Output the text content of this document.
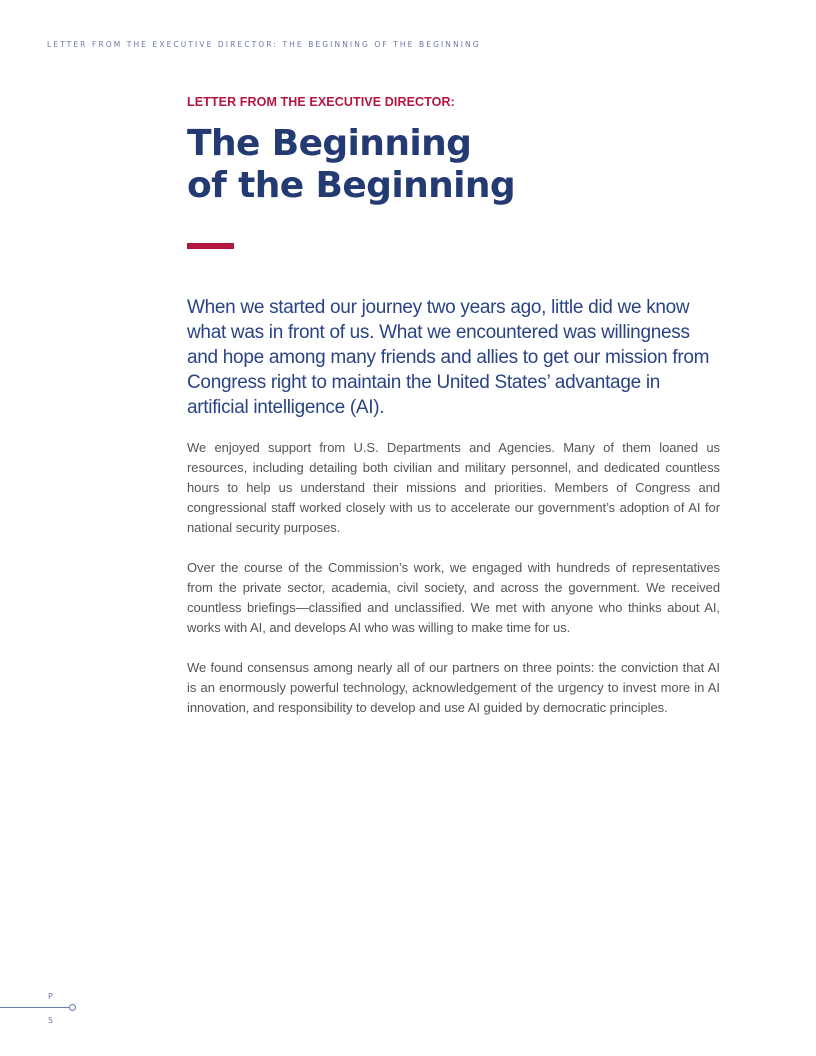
LETTER FROM THE EXECUTIVE DIRECTOR: THE BEGINNING OF THE BEGINNING

LETTER FROM THE EXECUTIVE DIRECTOR:

The Beginning
of the Beginning

When we started our journey two years ago, little did we know what was in front of us. What we encountered was willingness and hope among many friends and allies to get our mission from Congress right to maintain the United States’ advantage in artificial intelligence (AI).

We enjoyed support from U.S. Departments and Agencies. Many of them loaned us resources, including detailing both civilian and military personnel, and dedicated countless hours to help us understand their missions and priorities. Members of Congress and congressional staff worked closely with us to accelerate our government’s adoption of AI for national security purposes.

Over the course of the Commission’s work, we engaged with hundreds of representatives from the private sector, academia, civil society, and across the government. We received countless briefings—classified and unclassified. We met with anyone who thinks about AI, works with AI, and develops AI who was willing to make time for us.

We found consensus among nearly all of our partners on three points: the conviction that AI is an enormously powerful technology, acknowledgement of the urgency to invest more in AI innovation, and responsibility to develop and use AI guided by democratic principles.

P
5
